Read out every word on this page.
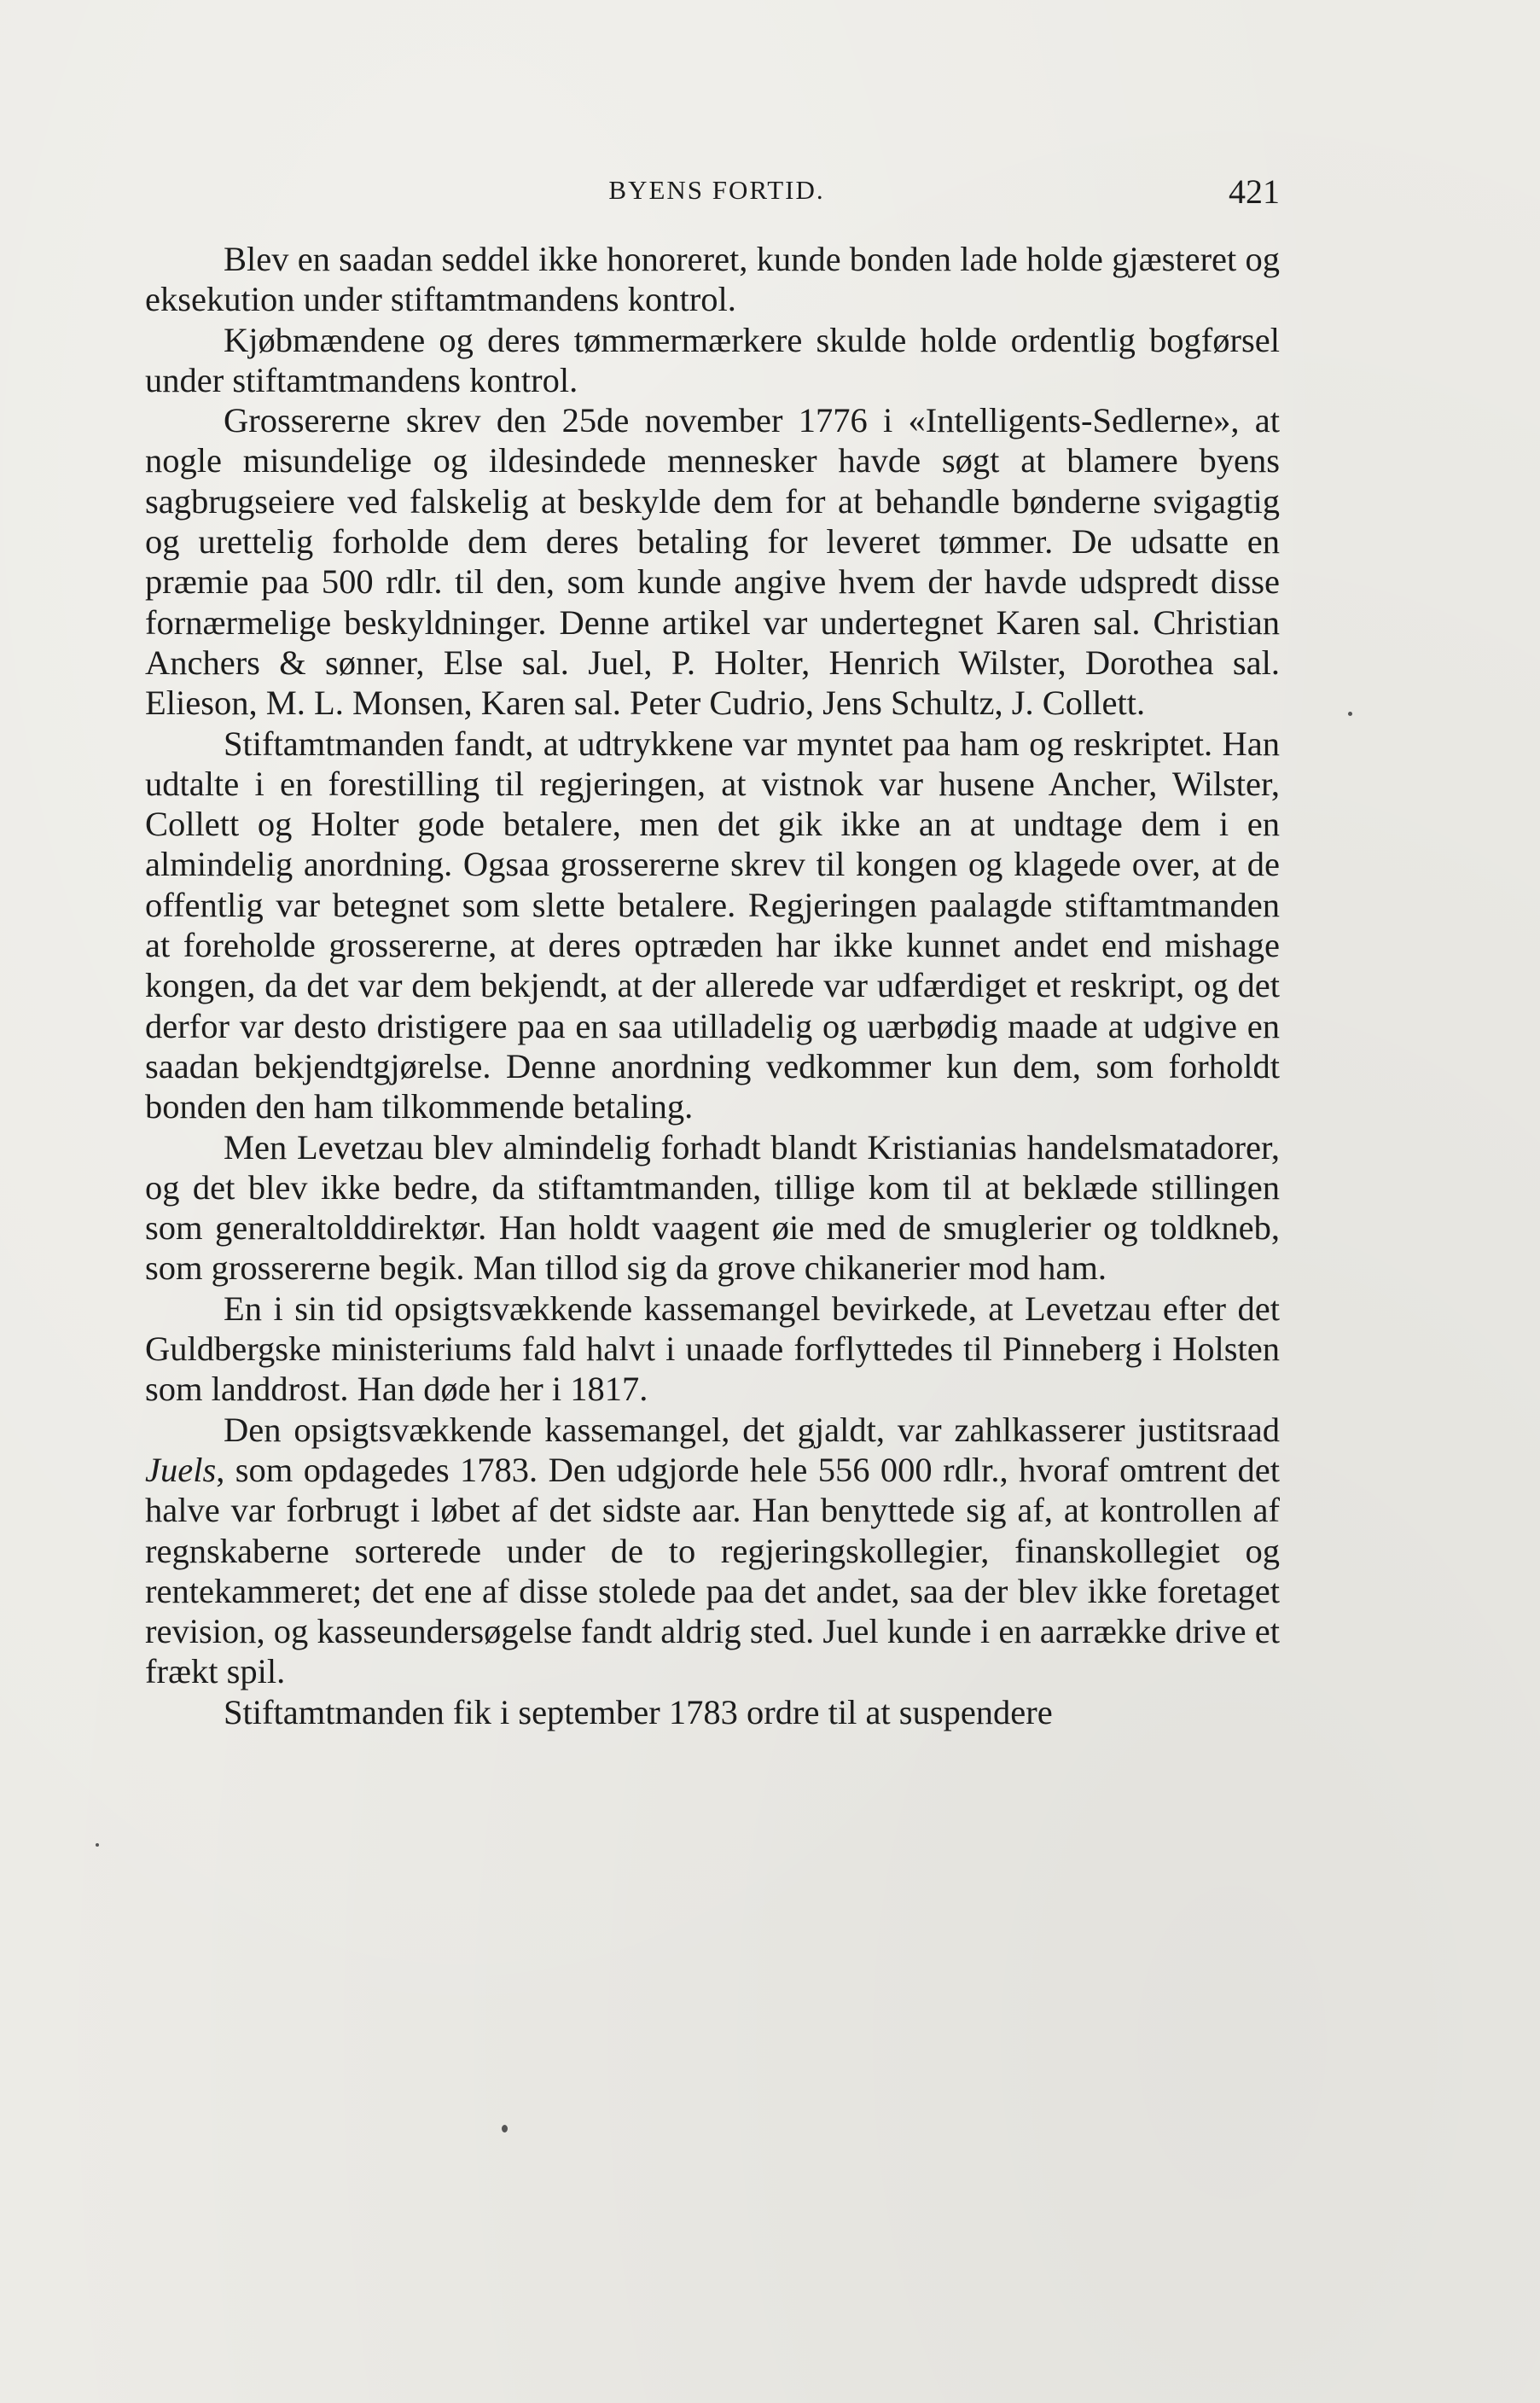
BYENS FORTID.	421

Blev en saadan seddel ikke honoreret, kunde bonden lade holde gjæsteret og eksekution under stiftamtmandens kontrol.

Kjøbmændene og deres tømmermærkere skulde holde ordentlig bogførsel under stiftamtmandens kontrol.

Grossererne skrev den 25de november 1776 i «Intelligents-Sedlerne», at nogle misundelige og ildesindede mennesker havde søgt at blamere byens sagbrugseiere ved falskelig at beskylde dem for at behandle bønderne svigagtig og urettelig forholde dem deres betaling for leveret tømmer. De udsatte en præmie paa 500 rdlr. til den, som kunde angive hvem der havde udspredt disse fornærmelige beskyldninger. Denne artikel var undertegnet Karen sal. Christian Anchers & sønner, Else sal. Juel, P. Holter, Henrich Wilster, Dorothea sal. Elieson, M. L. Monsen, Karen sal. Peter Cudrio, Jens Schultz, J. Collett.

Stiftamtmanden fandt, at udtrykkene var myntet paa ham og reskriptet. Han udtalte i en forestilling til regjeringen, at vistnok var husene Ancher, Wilster, Collett og Holter gode betalere, men det gik ikke an at undtage dem i en almindelig anordning. Ogsaa grossererne skrev til kongen og klagede over, at de offentlig var betegnet som slette betalere. Regjeringen paalagde stiftamtmanden at foreholde grossererne, at deres optræden har ikke kunnet andet end mishage kongen, da det var dem bekjendt, at der allerede var udfærdiget et reskript, og det derfor var desto dristigere paa en saa utilladelig og uærbødig maade at udgive en saadan bekjendtgjørelse. Denne anordning vedkommer kun dem, som forholdt bonden den ham tilkommende betaling.

Men Levetzau blev almindelig forhadt blandt Kristianias handelsmatadorer, og det blev ikke bedre, da stiftamtmanden, tillige kom til at beklæde stillingen som generaltolddirektør. Han holdt vaagent øie med de smuglerier og toldkneb, som grossererne begik. Man tillod sig da grove chikanerier mod ham.

En i sin tid opsigtsvækkende kassemangel bevirkede, at Levetzau efter det Guldbergske ministeriums fald halvt i unaade forflyttedes til Pinneberg i Holsten som landdrost. Han døde her i 1817.

Den opsigtsvækkende kassemangel, det gjaldt, var zahlkasserer justitsraad Juels, som opdagedes 1783. Den udgjorde hele 556 000 rdlr., hvoraf omtrent det halve var forbrugt i løbet af det sidste aar. Han benyttede sig af, at kontrollen af regnskaberne sorterede under de to regjeringskollegier, finanskollegiet og rentekammeret; det ene af disse stolede paa det andet, saa der blev ikke foretaget revision, og kasseundersøgelse fandt aldrig sted. Juel kunde i en aarrække drive et frækt spil.

Stiftamtmanden fik i september 1783 ordre til at suspendere
